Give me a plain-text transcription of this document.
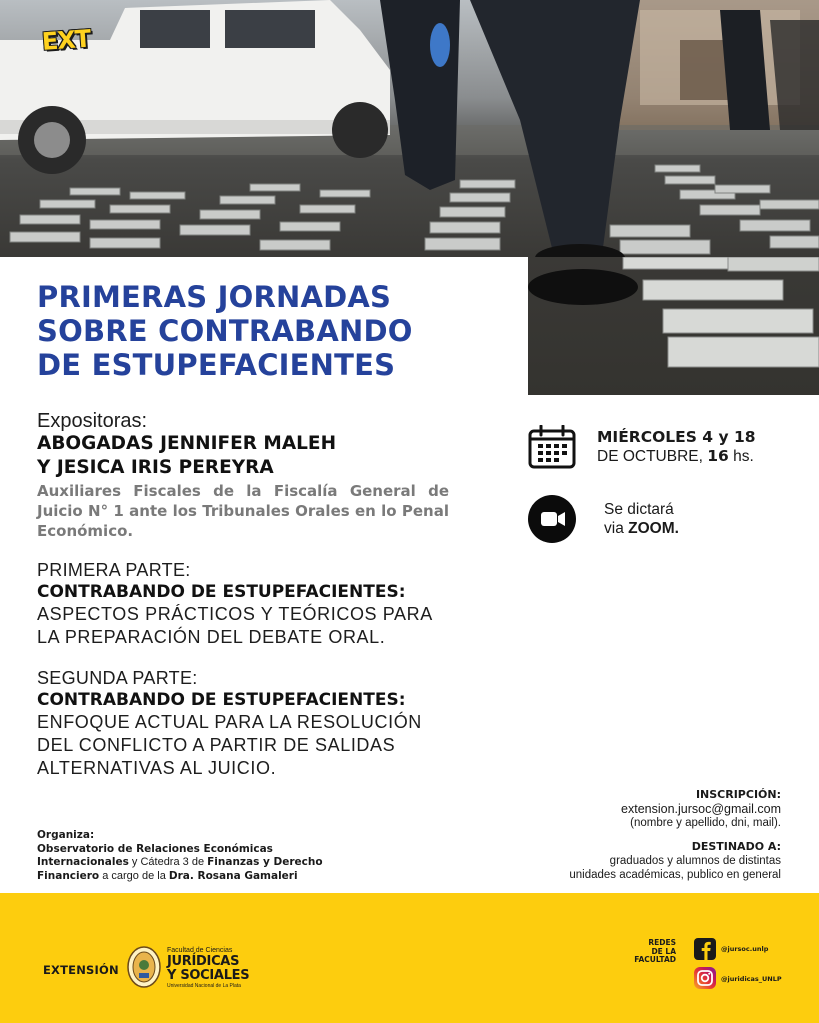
EXT
PRIMERAS JORNADAS
SOBRE CONTRABANDO
DE ESTUPEFACIENTES
Expositoras:
ABOGADAS JENNIFER MALEH
Y JESICA IRIS PEREYRA
Auxiliares Fiscales de la Fiscalía General de Juicio N° 1 ante los Tribunales Orales en lo Penal Económico.
PRIMERA PARTE:
CONTRABANDO DE ESTUPEFACIENTES:
ASPECTOS PRÁCTICOS Y TEÓRICOS PARA
LA PREPARACIÓN DEL DEBATE ORAL.
SEGUNDA PARTE:
CONTRABANDO DE ESTUPEFACIENTES:
ENFOQUE ACTUAL PARA LA RESOLUCIÓN
DEL CONFLICTO A PARTIR DE SALIDAS
ALTERNATIVAS AL JUICIO.
MIÉRCOLES 4 y 18
DE OCTUBRE, 16 hs.
Se dictará
via ZOOM.
INSCRIPCIÓN:
extension.jursoc@gmail.com
(nombre y apellido, dni, mail).
DESTINADO A:
graduados y alumnos de distintas
unidades académicas, publico en general
Organiza:
Observatorio de Relaciones Económicas
Internacionales y Cátedra 3 de Finanzas y Derecho
Financiero a cargo de la Dra. Rosana Gamaleri
EXTENSIÓN
Facultad de Ciencias
JURÍDICAS
Y SOCIALES
Universidad Nacional de La Plata
REDES
DE LA
FACULTAD
@jursoc.unlp
@juridicas_UNLP
